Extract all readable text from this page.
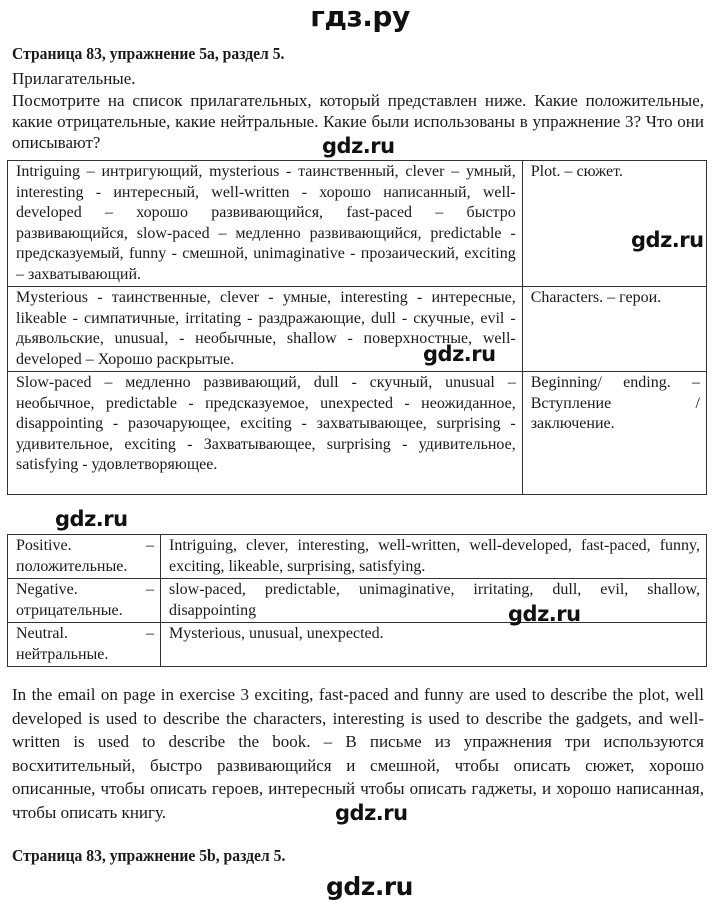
гдз.ру
Страница 83, упражнение 5a, раздел 5.
Прилагательные.
Посмотрите на список прилагательных, который представлен ниже. Какие положительные, какие отрицательные, какие нейтральные. Какие были использованы в упражнение 3? Что они описывают?	gdz.ru
Intriguing – интригующий, mysterious - таинственный, clever – умный, interesting - интересный, well-written - хорошо написанный, well-developed – хорошо развивающийся, fast-paced – быстро развивающийся, slow-paced – медленно развивающийся, predictable - предсказуемый, funny - смешной, unimaginative - прозаический, exciting – захватывающий.	Plot. – сюжет.
Mysterious - таинственные, clever - умные, interesting - интересные, likeable - симпатичные, irritating - раздражающие, dull - скучные, evil - дьявольские, unusual, - необычные, shallow - поверхностные, well-developed – Хорошо раскрытые.	Characters. – герои.
Slow-paced – медленно развивающий, dull - скучный, unusual – необычное, predictable - предсказуемое, unexpected - неожиданное, disappointing - разочарующее, exciting - захватывающее, surprising - удивительное, exciting - Захватывающее, surprising - удивительное, satisfying - удовлетворяющее.	Beginning/ ending. – Вступление / заключение.
gdz.ru
gdz.ru
gdz.ru
Positive. –
положительные.	Intriguing, clever, interesting, well-written, well-developed, fast-paced, funny, exciting, likeable, surprising, satisfying.

Negative. –
отрицательные.	slow-paced, predictable, unimaginative, irritating, dull, evil, shallow, disappointing

Neutral. –
нейтральные.	Mysterious, unusual, unexpected.
gdz.ru
In the email on page in exercise 3 exciting, fast-paced and funny are used to describe the plot, well developed is used to describe the characters, interesting is used to describe the gadgets, and well-written is used to describe the book. – В письме из упражнения три используются восхитительный, быстро развивающийся и смешной, чтобы описать сюжет, хорошо описанные, чтобы описать героев, интересный чтобы описать гаджеты, и хорошо написанная, чтобы описать книгу.	gdz.ru
Страница 83, упражнение 5b, раздел 5.
gdz.ru
